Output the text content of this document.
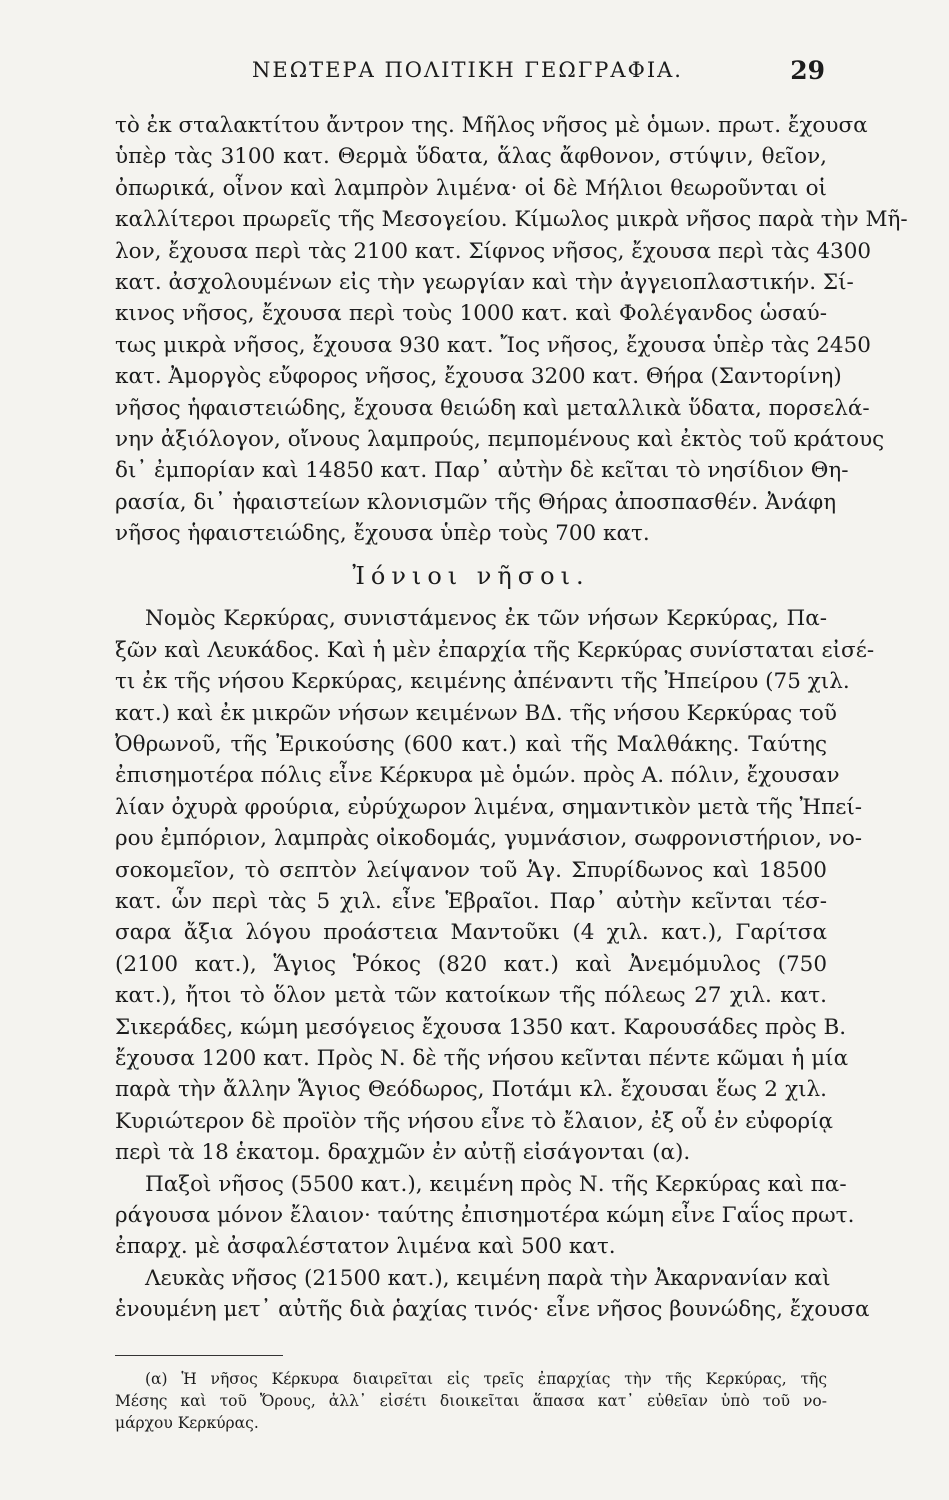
ΝΕΩΤΕΡΑ ΠΟΛΙΤΙΚΗ ΓΕΩΓΡΑΦΙΑ.	29
τὸ ἐκ σταλακτίτου ἄντρον της. Μῆλος νῆσος μὲ ὁμων. πρωτ. ἔχουσα
ὑπὲρ τὰς 3100 κατ. Θερμὰ ὕδατα, ἅλας ἄφθονον, στύψιν, θεῖον,
ὀπωρικά, οἶνον καὶ λαμπρὸν λιμένα· οἱ δὲ Μήλιοι θεωροῦνται οἱ
καλλίτεροι πρωρεῖς τῆς Μεσογείου. Κίμωλος μικρὰ νῆσος παρὰ τὴν Μῆ-
λον, ἔχουσα περὶ τὰς 2100 κατ. Σίφνος νῆσος, ἔχουσα περὶ τὰς 4300
κατ. ἀσχολουμένων εἰς τὴν γεωργίαν καὶ τὴν ἀγγειοπλαστικήν. Σί-
κινος νῆσος, ἔχουσα περὶ τοὺς 1000 κατ. καὶ Φολέγανδος ὡσαύ-
τως μικρὰ νῆσος, ἔχουσα 930 κατ. Ἴος νῆσος, ἔχουσα ὑπὲρ τὰς 2450
κατ. Ἀμοργὸς εὔφορος νῆσος, ἔχουσα 3200 κατ. Θήρα (Σαντορίνη)
νῆσος ἡφαιστειώδης, ἔχουσα θειώδη καὶ μεταλλικὰ ὕδατα, πορσελά-
νην ἀξιόλογον, οἴνους λαμπρούς, πεμπομένους καὶ ἐκτὸς τοῦ κράτους
δι᾿ ἐμπορίαν καὶ 14850 κατ. Παρ᾿ αὐτὴν δὲ κεῖται τὸ νησίδιον Θη-
ρασία, δι᾿ ἡφαιστείων κλονισμῶν τῆς Θήρας ἀποσπασθέν. Ἀνάφη
νῆσος ἡφαιστειώδης, ἔχουσα ὑπὲρ τοὺς 700 κατ.
Ἰόνιοι νῆσοι.
Νομὸς Κερκύρας, συνιστάμενος ἐκ τῶν νήσων Κερκύρας, Πα-
ξῶν καὶ Λευκάδος. Καὶ ἡ μὲν ἐπαρχία τῆς Κερκύρας συνίσταται εἰσέ-
τι ἐκ τῆς νήσου Κερκύρας, κειμένης ἀπέναντι τῆς Ἠπείρου (75 χιλ.
κατ.) καὶ ἐκ μικρῶν νήσων κειμένων ΒΔ. τῆς νήσου Κερκύρας τοῦ
Ὀθρωνοῦ, τῆς Ἐρικούσης (600 κατ.) καὶ τῆς Μαλθάκης. Ταύτης
ἐπισημοτέρα πόλις εἶνε Κέρκυρα μὲ ὁμών. πρὸς Α. πόλιν, ἔχουσαν
λίαν ὀχυρὰ φρούρια, εὐρύχωρον λιμένα, σημαντικὸν μετὰ τῆς Ἠπεί-
ρου ἐμπόριον, λαμπρὰς οἰκοδομάς, γυμνάσιον, σωφρονιστήριον, νο-
σοκομεῖον, τὸ σεπτὸν λείψανον τοῦ Ἁγ. Σπυρίδωνος καὶ 18500
κατ. ὧν περὶ τὰς 5 χιλ. εἶνε Ἑβραῖοι. Παρ᾿ αὐτὴν κεῖνται τέσ-
σαρα ἄξια λόγου προάστεια Μαντοῦκι (4 χιλ. κατ.), Γαρίτσα
(2100 κατ.), Ἅγιος Ῥόκος (820 κατ.) καὶ Ἀνεμόμυλος (750
κατ.), ἤτοι τὸ ὅλον μετὰ τῶν κατοίκων τῆς πόλεως 27 χιλ. κατ.
Σικεράδες, κώμη μεσόγειος ἔχουσα 1350 κατ. Καρουσάδες πρὸς Β.
ἔχουσα 1200 κατ. Πρὸς Ν. δὲ τῆς νήσου κεῖνται πέντε κῶμαι ἡ μία
παρὰ τὴν ἄλλην Ἅγιος Θεόδωρος, Ποτάμι κλ. ἔχουσαι ἕως 2 χιλ.
Κυριώτερον δὲ προϊὸν τῆς νήσου εἶνε τὸ ἔλαιον, ἐξ οὗ ἐν εὐφορίᾳ
περὶ τὰ 18 ἑκατομ. δραχμῶν ἐν αὐτῇ εἰσάγονται (α).
Παξοὶ νῆσος (5500 κατ.), κειμένη πρὸς Ν. τῆς Κερκύρας καὶ πα-
ράγουσα μόνον ἔλαιον· ταύτης ἐπισημοτέρα κώμη εἶνε Γαΐος πρωτ.
ἐπαρχ. μὲ ἀσφαλέστατον λιμένα καὶ 500 κατ.
Λευκὰς νῆσος (21500 κατ.), κειμένη παρὰ τὴν Ἀκαρνανίαν καὶ
ἑνουμένη μετ᾿ αὐτῆς διὰ ῥαχίας τινός· εἶνε νῆσος βουνώδης, ἔχουσα
(α) Ἡ νῆσος Κέρκυρα διαιρεῖται εἰς τρεῖς ἐπαρχίας τὴν τῆς Κερκύρας, τῆς
Μέσης καὶ τοῦ Ὄρους, ἀλλ᾿ εἰσέτι διοικεῖται ἅπασα κατ᾿ εὐθεῖαν ὑπὸ τοῦ νο-
μάρχου Κερκύρας.
